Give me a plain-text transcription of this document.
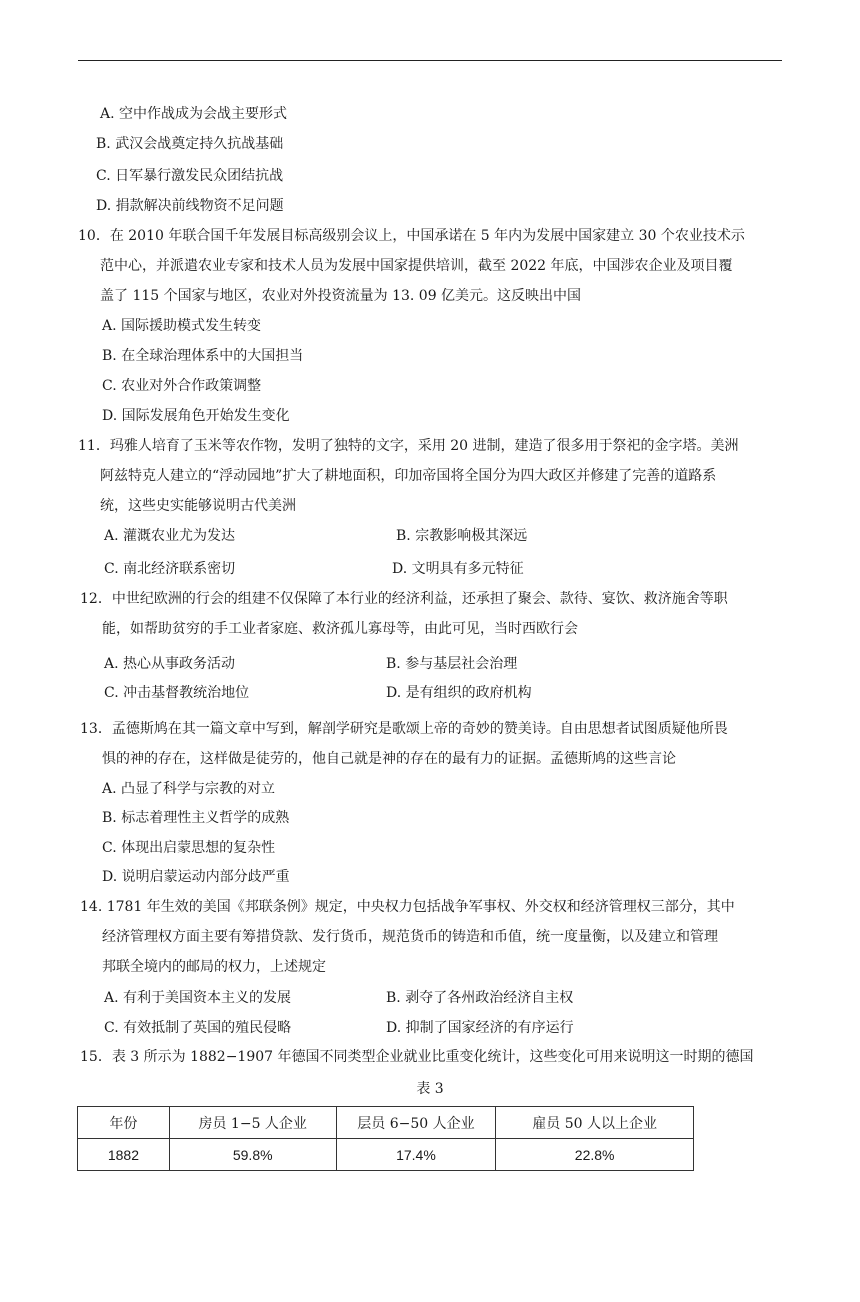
A. 空中作战成为会战主要形式
B. 武汉会战奠定持久抗战基础
C. 日军暴行激发民众团结抗战
D. 捐款解决前线物资不足问题
10．在 2010 年联合国千年发展目标高级别会议上，中国承诺在 5 年内为发展中国家建立 30 个农业技术示
范中心，并派遣农业专家和技术人员为发展中国家提供培训，截至 2022 年底，中国涉农企业及项目覆
盖了 115 个国家与地区，农业对外投资流量为 13. 09 亿美元。这反映出中国
A. 国际援助模式发生转变
B. 在全球治理体系中的大国担当
C. 农业对外合作政策调整
D. 国际发展角色开始发生变化
11．玛雅人培育了玉米等农作物，发明了独特的文字，采用 20 进制，建造了很多用于祭祀的金字塔。美洲
阿兹特克人建立的“浮动园地”扩大了耕地面积，印加帝国将全国分为四大政区并修建了完善的道路系
统，这些史实能够说明古代美洲
A. 灌溉农业尤为发达	B. 宗教影响极其深远
C. 南北经济联系密切	D. 文明具有多元特征
12．中世纪欧洲的行会的组建不仅保障了本行业的经济利益，还承担了聚会、款待、宴饮、救济施舍等职
能，如帮助贫穷的手工业者家庭、救济孤儿寡母等，由此可见，当时西欧行会
A. 热心从事政务活动	B. 参与基层社会治理
C. 冲击基督教统治地位	D. 是有组织的政府机构
13．孟德斯鸠在其一篇文章中写到，解剖学研究是歌颂上帝的奇妙的赞美诗。自由思想者试图质疑他所畏
惧的神的存在，这样做是徒劳的，他自己就是神的存在的最有力的证据。孟德斯鸠的这些言论
A. 凸显了科学与宗教的对立
B. 标志着理性主义哲学的成熟
C. 体现出启蒙思想的复杂性
D. 说明启蒙运动内部分歧严重
14. 1781 年生效的美国《邦联条例》规定，中央权力包括战争军事权、外交权和经济管理权三部分，其中
经济管理权方面主要有筹措贷款、发行货币，规范货币的铸造和币值，统一度量衡，以及建立和管理
邦联全境内的邮局的权力，上述规定
A. 有利于美国资本主义的发展	B. 剥夺了各州政治经济自主权
C. 有效抵制了英国的殖民侵略	D. 抑制了国家经济的有序运行
15．表 3 所示为 1882−1907 年德国不同类型企业就业比重变化统计，这些变化可用来说明这一时期的德国
表 3
年份	房员 1−5 人企业	层员 6−50 人企业	雇员 50 人以上企业
1882	59.8%	17.4%	22.8%
